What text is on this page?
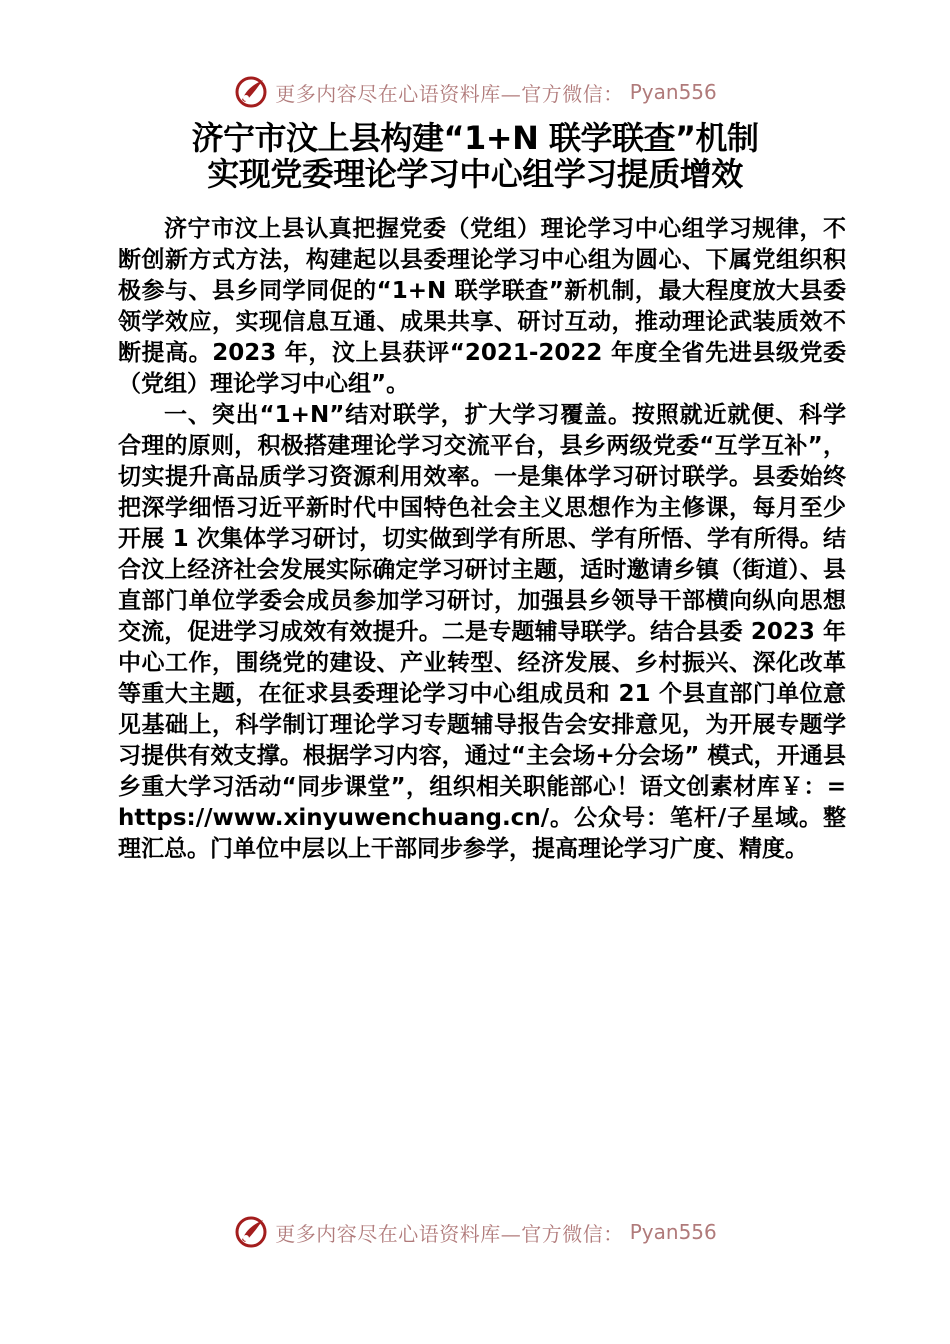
更多内容尽在心语资料库—官方微信： Pyan556
济宁市汶上县构建“1+N 联学联查”机制
实现党委理论学习中心组学习提质增效

济宁市汶上县认真把握党委（党组）理论学习中心组学习规律，不断创新方式方法，构建起以县委理论学习中心组为圆心、下属党组织积极参与、县乡同学同促的“1+N 联学联查”新机制，最大程度放大县委领学效应，实现信息互通、成果共享、研讨互动，推动理论武装质效不断提高。2023 年，汶上县获评“2021-2022 年度全省先进县级党委（党组）理论学习中心组”。

一、突出“1+N”结对联学，扩大学习覆盖。按照就近就便、科学合理的原则，积极搭建理论学习交流平台，县乡两级党委“互学互补”，切实提升高品质学习资源利用效率。一是集体学习研讨联学。县委始终把深学细悟习近平新时代中国特色社会主义思想作为主修课，每月至少开展 1 次集体学习研讨，切实做到学有所思、学有所悟、学有所得。结合汶上经济社会发展实际确定学习研讨主题，适时邀请乡镇（街道）、县直部门单位学委会成员参加学习研讨，加强县乡领导干部横向纵向思想交流，促进学习成效有效提升。二是专题辅导联学。结合县委 2023 年中心工作，围绕党的建设、产业转型、经济发展、乡村振兴、深化改革等重大主题，在征求县委理论学习中心组成员和 21 个县直部门单位意见基础上，科学制订理论学习专题辅导报告会安排意见，为开展专题学习提供有效支撑。根据学习内容，通过“主会场+分会场” 模式，开通县乡重大学习活动“同步课堂”，组织相关职能部心！语文创素材库￥：=https://www.xinyuwenchuang.cn/。公众号：笔杆/子星域。整理汇总。门单位中层以上干部同步参学，提高理论学习广度、精度。

更多内容尽在心语资料库—官方微信： Pyan556
